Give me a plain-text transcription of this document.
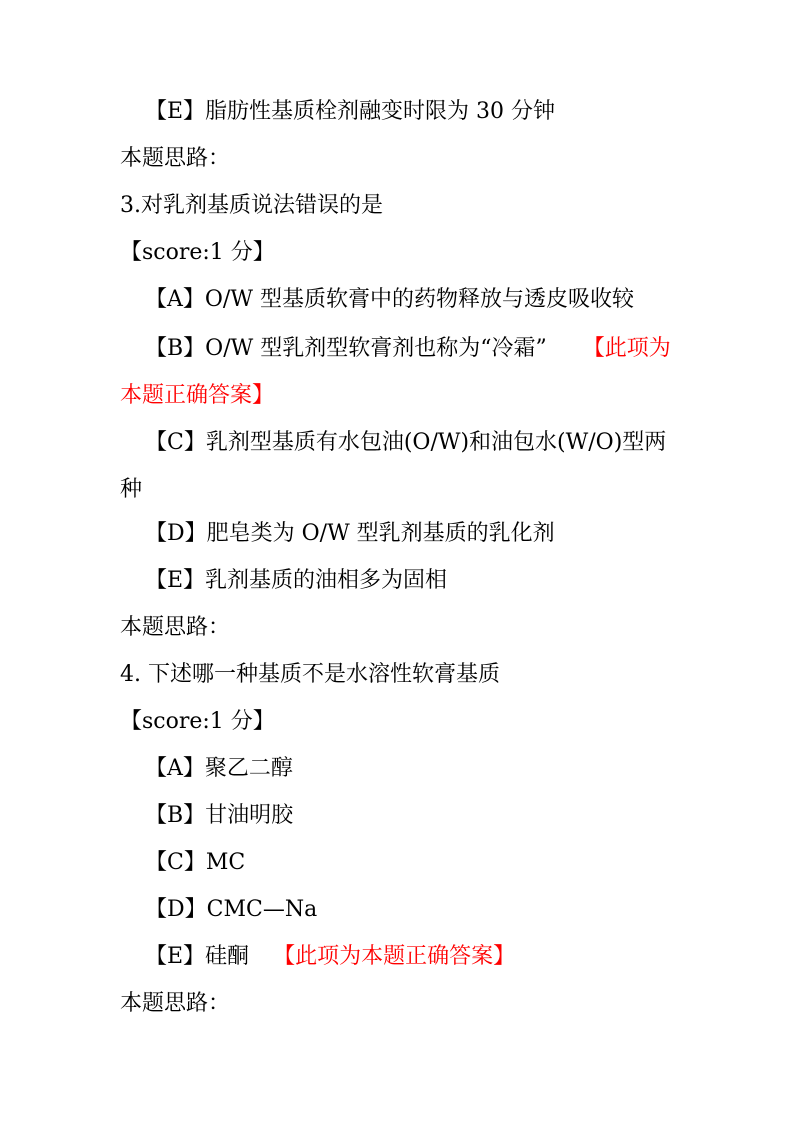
【E】脂肪性基质栓剂融变时限为 30 分钟
本题思路：
3.对乳剂基质说法错误的是
【score:1 分】
【A】O/W 型基质软膏中的药物释放与透皮吸收较
【B】O/W 型乳剂型软膏剂也称为“冷霜” 【此项为本题正确答案】
【C】乳剂型基质有水包油(O/W)和油包水(W/O)型两种
【D】肥皂类为 O/W 型乳剂基质的乳化剂
【E】乳剂基质的油相多为固相
本题思路：
4. 下述哪一种基质不是水溶性软膏基质
【score:1 分】
【A】聚乙二醇
【B】甘油明胶
【C】MC
【D】CMC—Na
【E】硅酮 【此项为本题正确答案】
本题思路：
